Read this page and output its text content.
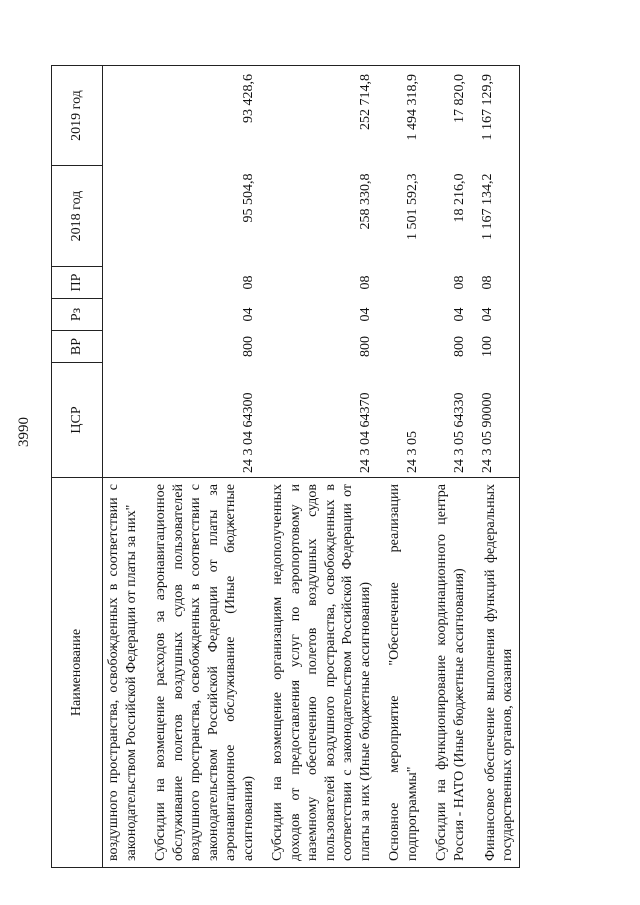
3990
Наименование	ЦСР	ВР	Рз	ПР	2018 год	2019 год
воздушного пространства, освобожденных в соответствии с законодательством Российской Федерации от платы за них"						
Субсидии на возмещение расходов за аэронавигационное обслуживание полетов воздушных судов пользователей воздушного пространства, освобожденных в соответствии с законодательством Российской Федерации от платы за аэронавигационное обслуживание (Иные бюджетные ассигнования)	24 3 04 64300	800	04	08	95 504,8	93 428,6
Субсидии на возмещение организациям недополученных доходов от предоставления услуг по аэропортовому и наземному обеспечению полетов воздушных судов пользователей воздушного пространства, освобожденных в соответствии с законодательством Российской Федерации от платы за них (Иные бюджетные ассигнования)	24 3 04 64370	800	04	08	258 330,8	252 714,8
Основное мероприятие "Обеспечение реализации подпрограммы"	24 3 05				1 501 592,3	1 494 318,9
Субсидии на функционирование координационного центра Россия - НАТО (Иные бюджетные ассигнования)	24 3 05 64330	800	04	08	18 216,0	17 820,0
Финансовое обеспечение выполнения функций федеральных государственных органов, оказания	24 3 05 90000	100	04	08	1 167 134,2	1 167 129,9
